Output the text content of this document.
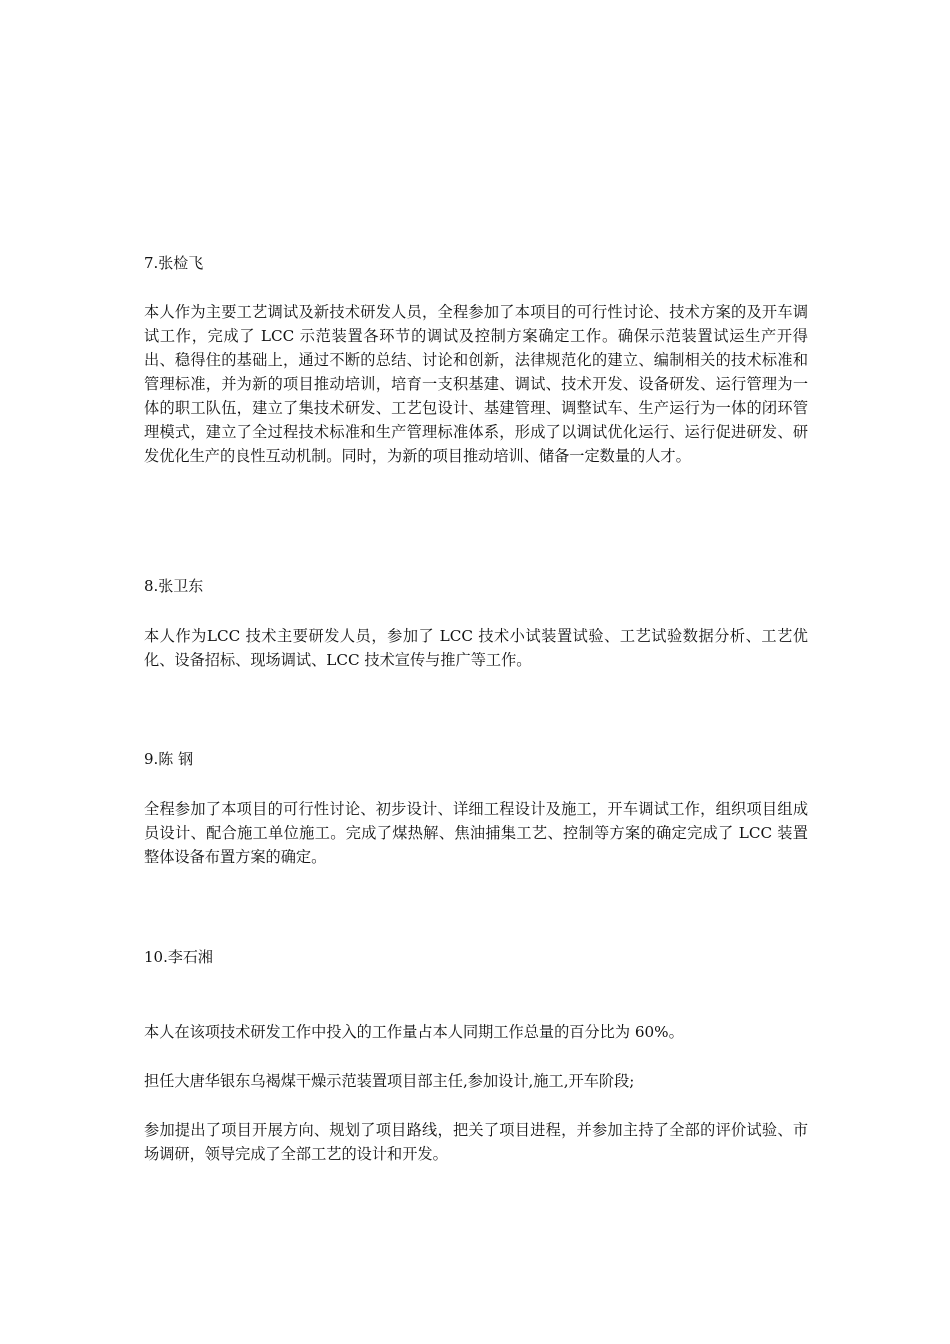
7.张检飞
本人作为主要工艺调试及新技术研发人员，全程参加了本项目的可行性讨论、技术方案的及开车调试工作，完成了 LCC 示范装置各环节的调试及控制方案确定工作。确保示范装置试运生产开得出、稳得住的基础上，通过不断的总结、讨论和创新，法律规范化的建立、编制相关的技术标准和管理标准，并为新的项目推动培训，培育一支积基建、调试、技术开发、设备研发、运行管理为一体的职工队伍，建立了集技术研发、工艺包设计、基建管理、调整试车、生产运行为一体的闭环管理模式，建立了全过程技术标准和生产管理标准体系，形成了以调试优化运行、运行促进研发、研发优化生产的良性互动机制。同时，为新的项目推动培训、储备一定数量的人才。
8.张卫东
本人作为LCC 技术主要研发人员，参加了 LCC 技术小试装置试验、工艺试验数据分析、工艺优化、设备招标、现场调试、LCC 技术宣传与推广等工作。
9.陈 钢
全程参加了本项目的可行性讨论、初步设计、详细工程设计及施工，开车调试工作，组织项目组成员设计、配合施工单位施工。完成了煤热解、焦油捕集工艺、控制等方案的确定完成了 LCC 装置整体设备布置方案的确定。
10.李石湘
本人在该项技术研发工作中投入的工作量占本人同期工作总量的百分比为 60%。
担任大唐华银东乌褐煤干燥示范装置项目部主任,参加设计,施工,开车阶段;
参加提出了项目开展方向、规划了项目路线，把关了项目进程，并参加主持了全部的评价试验、市场调研，领导完成了全部工艺的设计和开发。
